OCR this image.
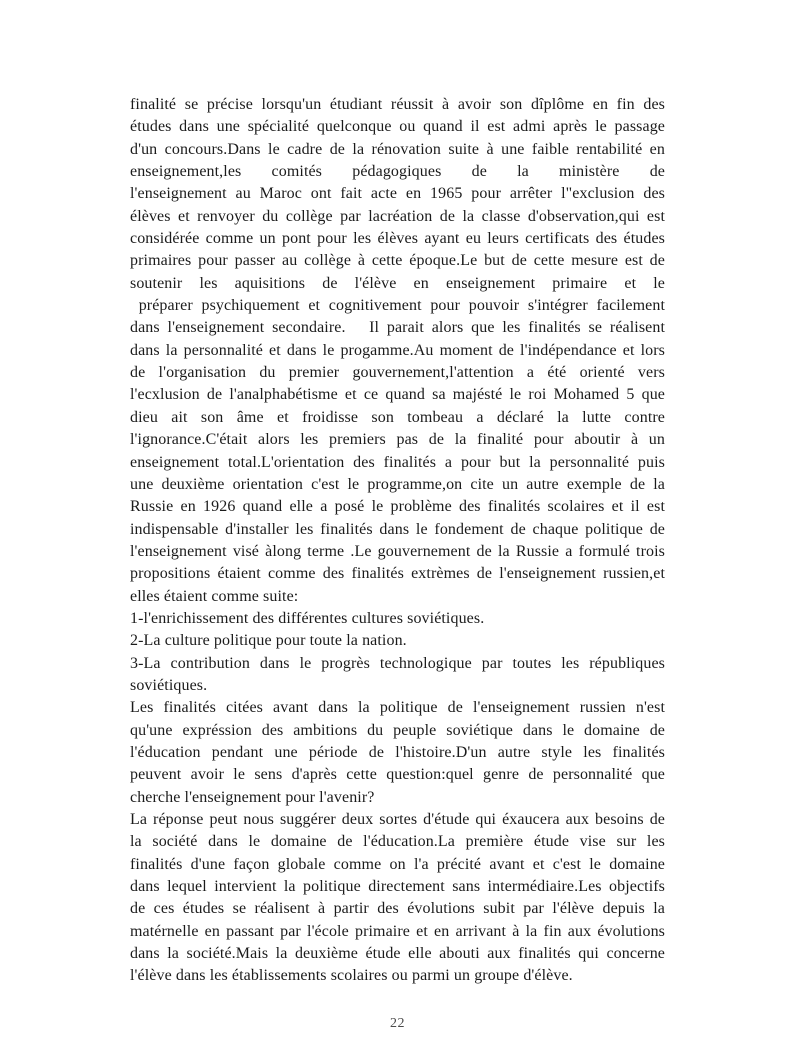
finalité se précise lorsqu'un étudiant réussit à avoir son dîplôme en fin des
études dans une spécialité quelconque ou quand il est admi après le passage
d'un concours.Dans le cadre de la rénovation suite à une faible rentabilité en
enseignement,les comités pédagogiques de la ministère de
l'enseignement au Maroc ont fait acte en 1965 pour arrêter l"exclusion des
élèves et renvoyer du collège par lacréation de la classe d'observation,qui est
considérée comme un pont pour les élèves ayant eu leurs certificats des études
primaires pour passer au collège à cette époque.Le but de cette mesure est de
soutenir les aquisitions de l'élève en enseignement primaire et le
préparer psychiquement et cognitivement pour pouvoir s'intégrer facilement
dans l'enseignement secondaire.   Il parait alors que les finalités se réalisent
dans la personnalité et dans le progamme.Au moment de l'indépendance et lors
de l'organisation du premier gouvernement,l'attention a été orienté vers
l'ecxlusion de l'analphabétisme et ce quand sa majésté le roi Mohamed 5 que
dieu ait son âme et froidisse son tombeau a déclaré la lutte contre
l'ignorance.C'était alors les premiers pas de la finalité pour aboutir à un
enseignement total.L'orientation des finalités a pour but la personnalité puis
une deuxième orientation c'est le programme,on cite un autre exemple de la
Russie en 1926 quand elle a posé le problème des finalités scolaires et il est
indispensable d'installer les finalités dans le fondement de chaque politique de
l'enseignement visé àlong terme .Le gouvernement de la Russie a formulé trois
propositions étaient comme des finalités extrèmes de l'enseignement russien,et
elles étaient comme suite:
1-l'enrichissement des différentes cultures soviétiques.
2-La culture politique pour toute la nation.
3-La contribution dans le progrès technologique par toutes les républiques
soviétiques.
Les finalités citées avant dans la politique de l'enseignement russien n'est
qu'une expréssion des ambitions du peuple soviétique dans le domaine de
l'éducation pendant une période de l'histoire.D'un autre style les finalités
peuvent avoir le sens d'après cette question:quel genre de personnalité que
cherche l'enseignement pour l'avenir?
La réponse peut nous suggérer deux sortes d'étude qui éxaucera aux besoins de
la société dans le domaine de l'éducation.La première étude vise sur les
finalités d'une façon globale comme on l'a précité avant et c'est le domaine
dans lequel intervient la politique directement sans intermédiaire.Les objectifs
de ces études se réalisent à partir des évolutions subit par l'élève depuis la
matérnelle en passant par l'école primaire et en arrivant à la fin aux évolutions
dans la société.Mais la deuxième étude elle abouti aux finalités qui concerne
l'élève dans les établissements scolaires ou parmi un groupe d'élève.
22
